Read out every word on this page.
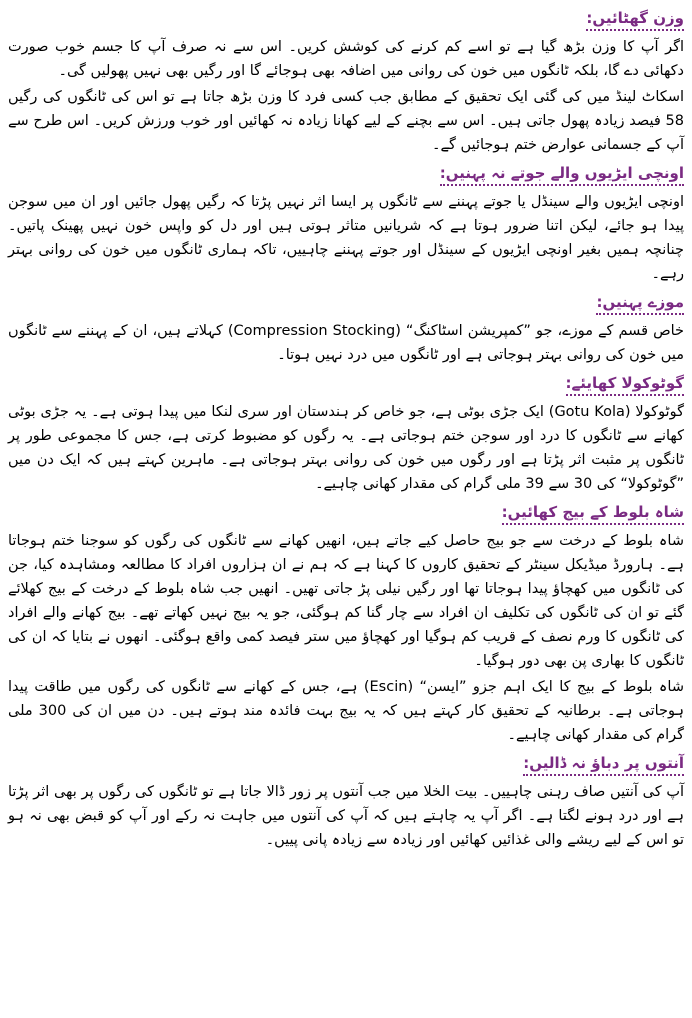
وزن گھٹائیں:

اگر آپ کا وزن بڑھ گیا ہے تو اسے کم کرنے کی کوشش کریں۔ اس سے نہ صرف آپ کا جسم خوب صورت دکھائی دے گا، بلکہ ٹانگوں میں خون کی روانی میں اضافہ بھی ہوجائے گا اور رگیں بھی نہیں پھولیں گی۔

اسکاٹ لینڈ میں کی گئی ایک تحقیق کے مطابق جب کسی فرد کا وزن بڑھ جاتا ہے تو اس کی ٹانگوں کی رگیں 58 فیصد زیادہ پھول جاتی ہیں۔ اس سے بچنے کے لیے کھانا زیادہ نہ کھائیں اور خوب ورزش کریں۔ اس طرح سے آپ کے جسمانی عوارض ختم ہوجائیں گے۔

اونچی ایڑیوں والے جوتے نہ پہنیں:

اونچی ایڑیوں والے سینڈل یا جوتے پہننے سے ٹانگوں پر ایسا اثر نہیں پڑتا کہ رگیں پھول جائیں اور ان میں سوجن پیدا ہو جائے، لیکن اتنا ضرور ہوتا ہے کہ شریانیں متاثر ہوتی ہیں اور دل کو واپس خون نہیں پھینک پاتیں۔ چنانچہ ہمیں بغیر اونچی ایڑیوں کے سینڈل اور جوتے پہننے چاہییں، تاکہ ہماری ٹانگوں میں خون کی روانی بہتر رہے۔

موزے پہنیں:

خاص قسم کے موزے، جو ”کمپریشن اسٹاکنگ“ (Compression Stocking) کہلاتے ہیں، ان کے پہننے سے ٹانگوں میں خون کی روانی بہتر ہوجاتی ہے اور ٹانگوں میں درد نہیں ہوتا۔

گوٹوکولا کھایئے:

گوٹوکولا (Gotu Kola) ایک جڑی بوٹی ہے، جو خاص کر ہندستان اور سری لنکا میں پیدا ہوتی ہے۔ یہ جڑی بوٹی کھانے سے ٹانگوں کا درد اور سوجن ختم ہوجاتی ہے۔ یہ رگوں کو مضبوط کرتی ہے، جس کا مجموعی طور پر ٹانگوں پر مثبت اثر پڑتا ہے اور رگوں میں خون کی روانی بہتر ہوجاتی ہے۔ ماہرین کہتے ہیں کہ ایک دن میں ”گوٹوکولا“ کی 30 سے 39 ملی گرام کی مقدار کھانی چاہیے۔

شاہ بلوط کے بیج کھائیں:

شاہ بلوط کے درخت سے جو بیج حاصل کیے جاتے ہیں، انھیں کھانے سے ٹانگوں کی رگوں کو سوجنا ختم ہوجاتا ہے۔ ہارورڈ میڈیکل سینٹر کے تحقیق کاروں کا کہنا ہے کہ ہم نے ان ہزاروں افراد کا مطالعہ ومشاہدہ کیا، جن کی ٹانگوں میں کھچاؤ پیدا ہوجاتا تھا اور رگیں نیلی پڑ جاتی تھیں۔ انھیں جب شاہ بلوط کے درخت کے بیج کھلائے گئے تو ان کی ٹانگوں کی تکلیف ان افراد سے چار گنا کم ہوگئی، جو یہ بیج نہیں کھاتے تھے۔ بیج کھانے والے افراد کی ٹانگوں کا ورم نصف کے قریب کم ہوگیا اور کھچاؤ میں ستر فیصد کمی واقع ہوگئی۔ انھوں نے بتایا کہ ان کی ٹانگوں کا بھاری پن بھی دور ہوگیا۔

شاہ بلوط کے بیج کا ایک اہم جزو ”ایسن“ (Escin) ہے، جس کے کھانے سے ٹانگوں کی رگوں میں طاقت پیدا ہوجاتی ہے۔ برطانیہ کے تحقیق کار کہتے ہیں کہ یہ بیج بہت فائدہ مند ہوتے ہیں۔ دن میں ان کی 300 ملی گرام کی مقدار کھانی چاہیے۔

آنتوں پر دباؤ نہ ڈالیں:

آپ کی آنتیں صاف رہنی چاہییں۔ بیت الخلا میں جب آنتوں پر زور ڈالا جاتا ہے تو ٹانگوں کی رگوں پر بھی اثر پڑتا ہے اور درد ہونے لگتا ہے۔ اگر آپ یہ چاہتے ہیں کہ آپ کی آنتوں میں جاہت نہ رکے اور آپ کو قبض بھی نہ ہو تو اس کے لیے ریشے والی غذائیں کھائیں اور زیادہ سے زیادہ پانی پییں۔
